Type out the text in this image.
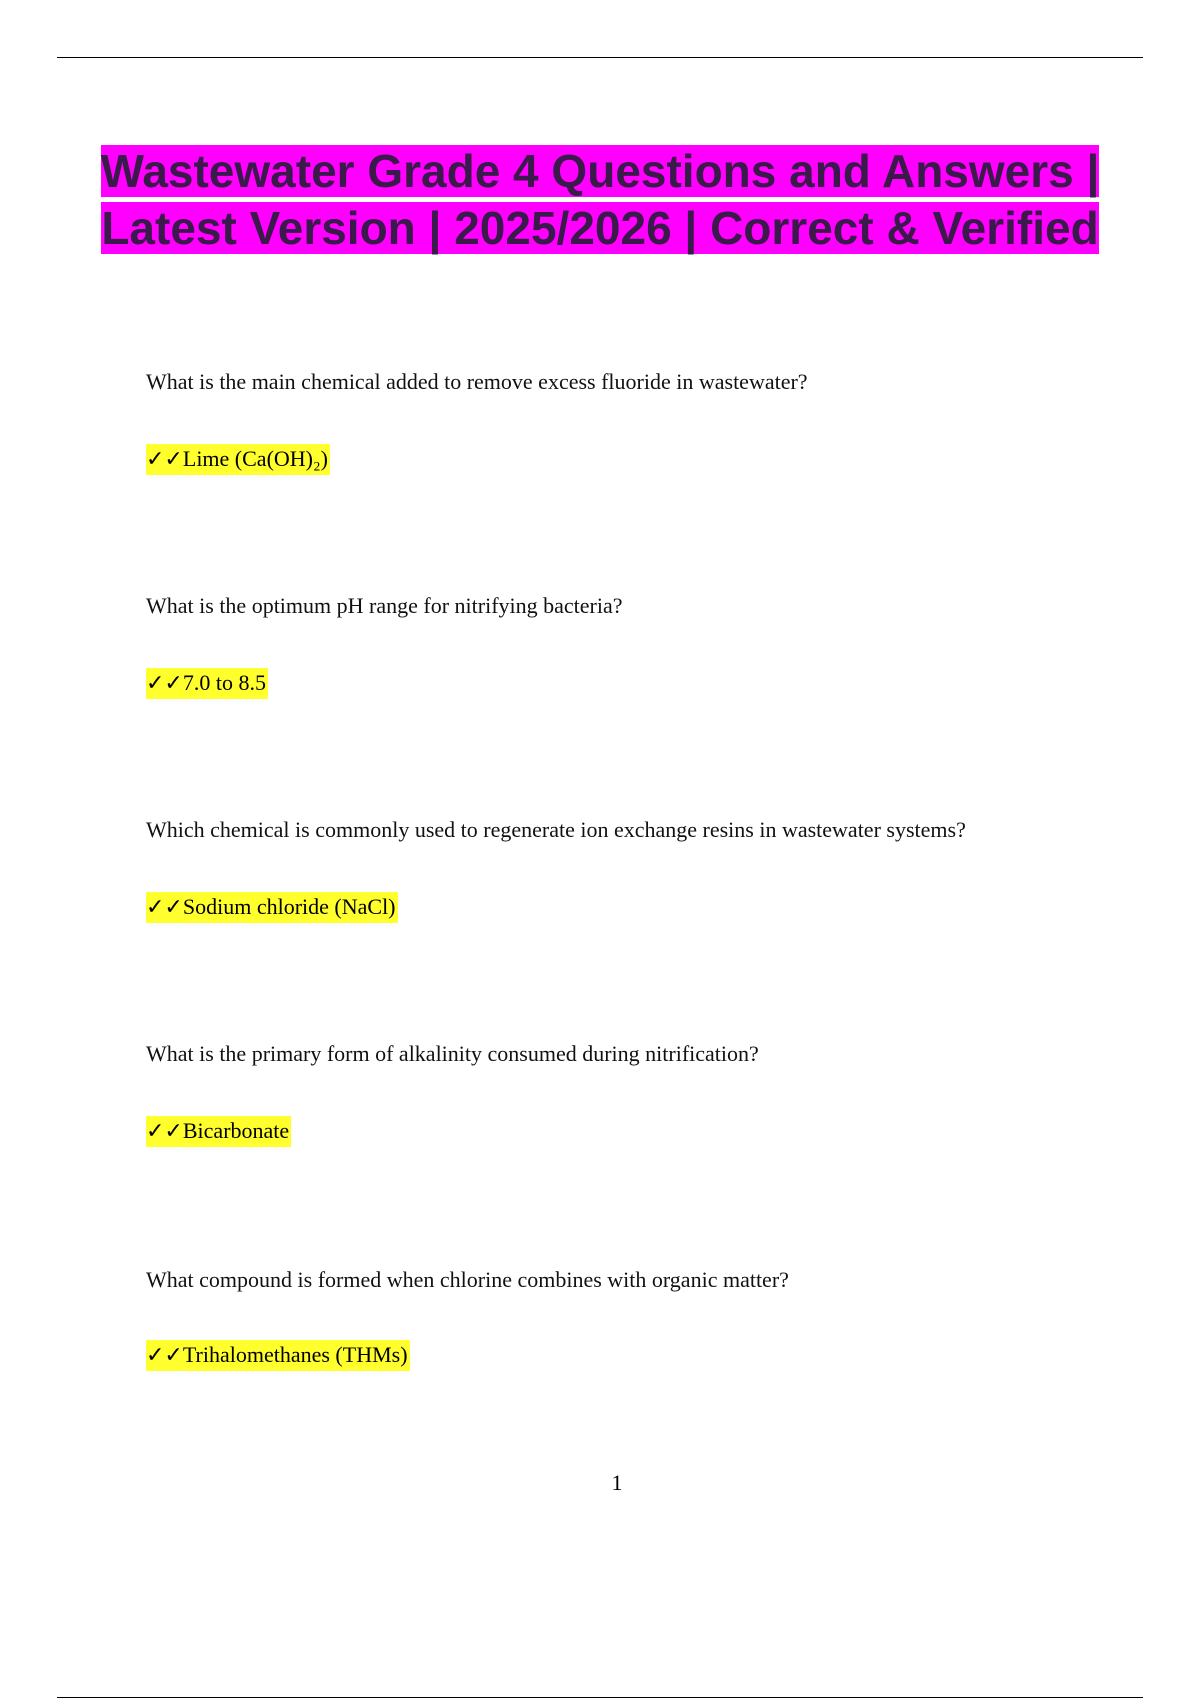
Wastewater Grade 4 Questions and Answers | Latest Version | 2025/2026 | Correct & Verified
What is the main chemical added to remove excess fluoride in wastewater?
✓✓Lime (Ca(OH)₂)
What is the optimum pH range for nitrifying bacteria?
✓✓7.0 to 8.5
Which chemical is commonly used to regenerate ion exchange resins in wastewater systems?
✓✓Sodium chloride (NaCl)
What is the primary form of alkalinity consumed during nitrification?
✓✓Bicarbonate
What compound is formed when chlorine combines with organic matter?
✓✓Trihalomethanes (THMs)
1
